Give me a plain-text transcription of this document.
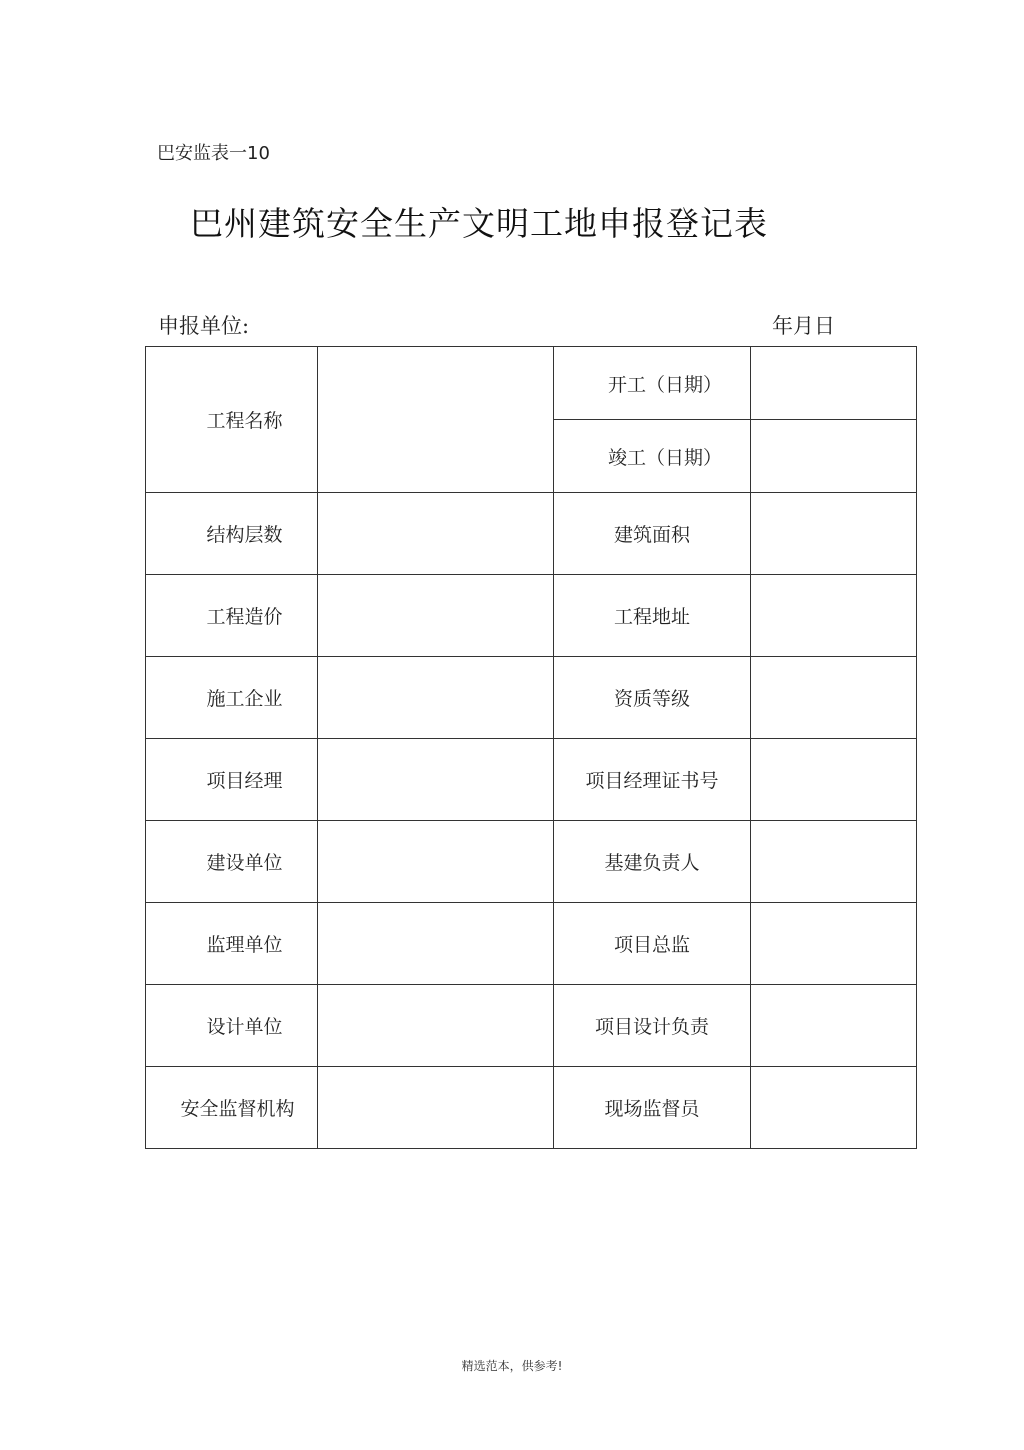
巴安监表一10
巴州建筑安全生产文明工地申报登记表
申报单位:	年月日
工程名称		开工（日期）	
		竣工（日期）	
结构层数		建筑面积	
工程造价		工程地址	
施工企业		资质等级	
项目经理		项目经理证书号	
建设单位		基建负责人	
监理单位		项目总监	
设计单位		项目设计负责	
安全监督机构		现场监督员	
精选范本，供参考!
